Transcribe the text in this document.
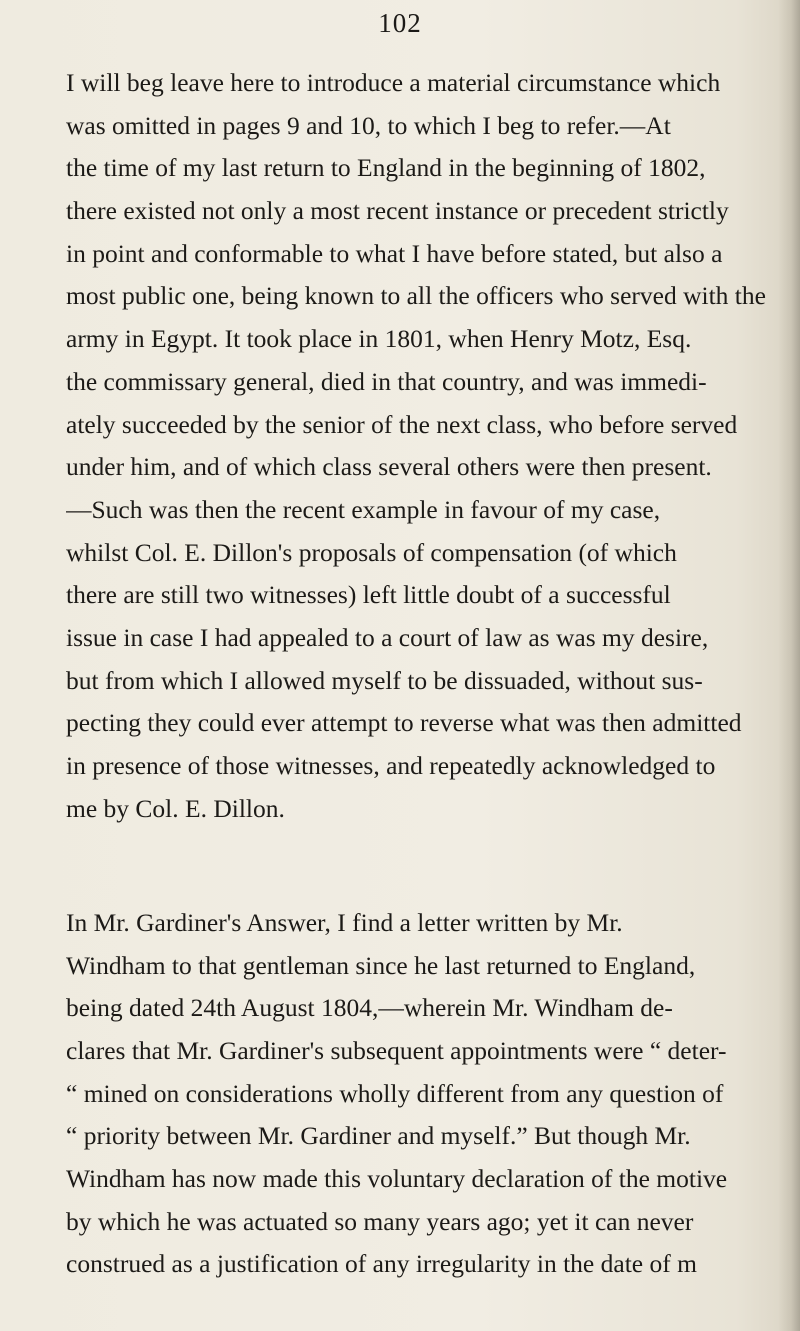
102
I will beg leave here to introduce a material circumstance which
was omitted in pages 9 and 10, to which I beg to refer.—At
the time of my last return to England in the beginning of 1802,
there existed not only a most recent instance or precedent strictly
in point and conformable to what I have before stated, but also a
most public one, being known to all the officers who served with the
army in Egypt. It took place in 1801, when Henry Motz, Esq.
the commissary general, died in that country, and was immedi-
ately succeeded by the senior of the next class, who before served
under him, and of which class several others were then present.
—Such was then the recent example in favour of my case,
whilst Col. E. Dillon's proposals of compensation (of which
there are still two witnesses) left little doubt of a successful
issue in case I had appealed to a court of law as was my desire,
but from which I allowed myself to be dissuaded, without sus-
pecting they could ever attempt to reverse what was then admitted
in presence of those witnesses, and repeatedly acknowledged to
me by Col. E. Dillon.
In Mr. Gardiner's Answer, I find a letter written by Mr.
Windham to that gentleman since he last returned to England,
being dated 24th August 1804,—wherein Mr. Windham de-
clares that Mr. Gardiner's subsequent appointments were “ deter-
“ mined on considerations wholly different from any question of
“ priority between Mr. Gardiner and myself.” But though Mr.
Windham has now made this voluntary declaration of the motive
by which he was actuated so many years ago; yet it can never
construed as a justification of any irregularity in the date of m
